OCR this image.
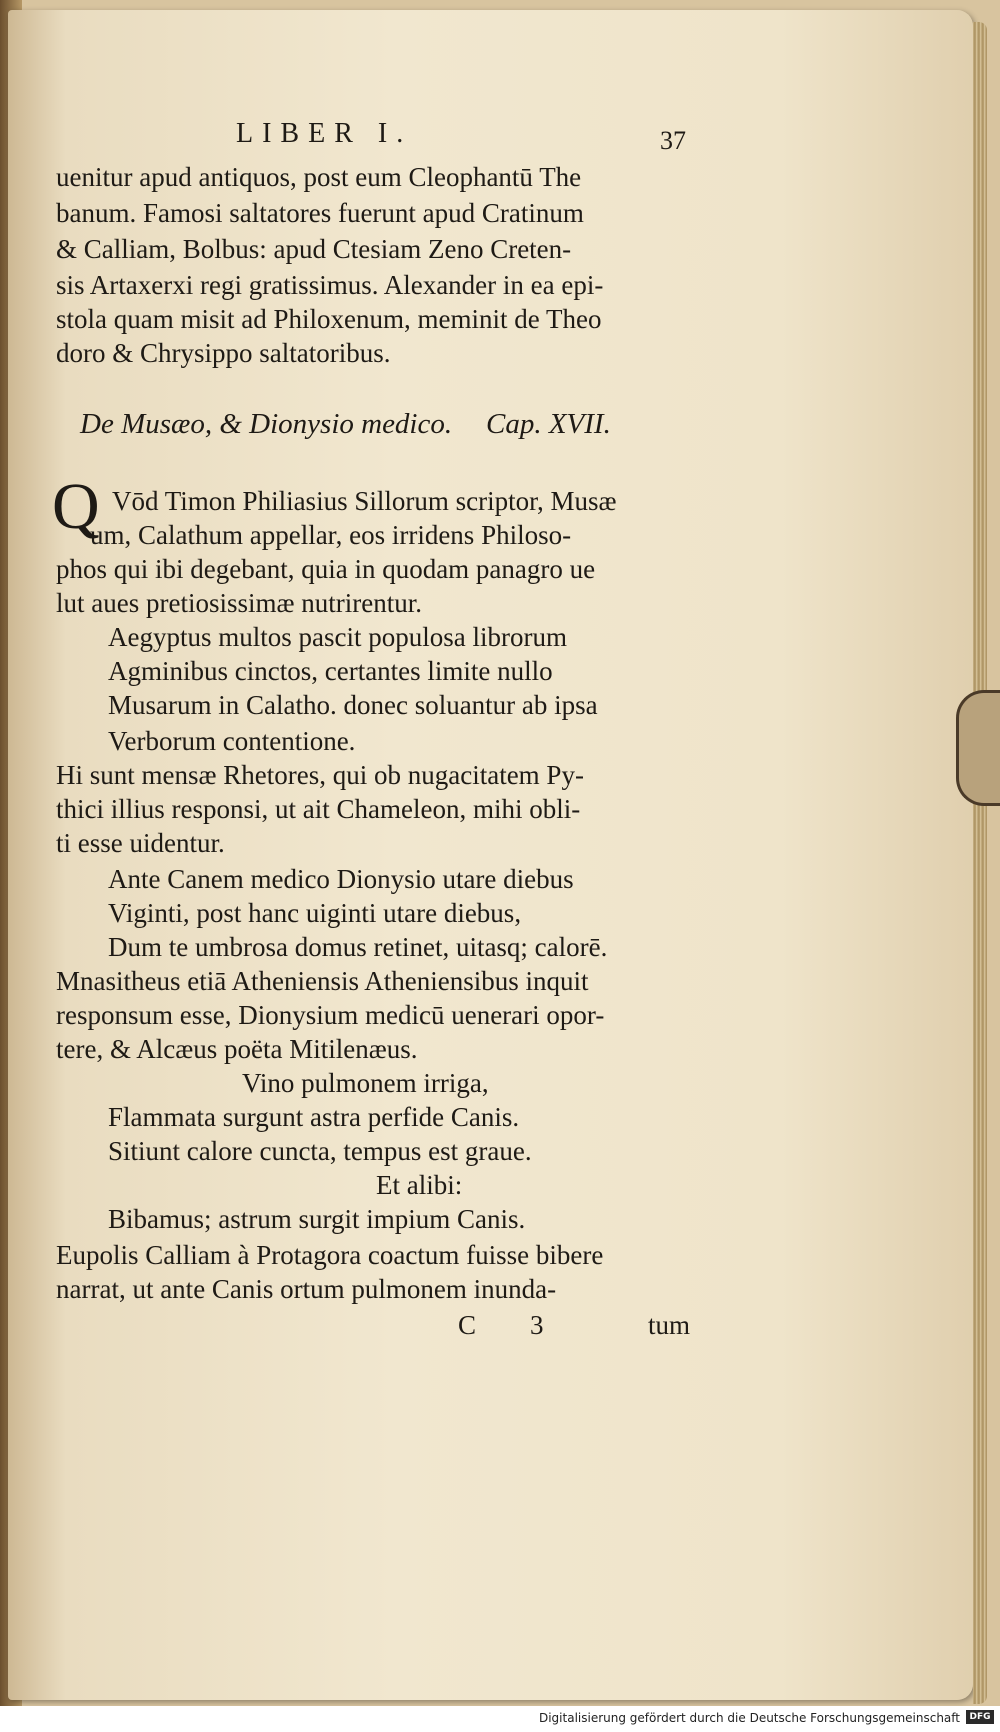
LIBER I.	37
uenitur apud antiquos, post eum Cleophantū The
banum. Famosi saltatores fuerunt apud Cratinum
& Calliam, Bolbus: apud Ctesiam Zeno Creten-
sis Artaxerxi regi gratissimus. Alexander in ea epi-
stola quam misit ad Philoxenum, meminit de Theo
doro & Chrysippo saltatoribus.
Vōd Timon Philiasius Sillorum scriptor, Musæ
um, Calathum appellar, eos irridens Philoso-
phos qui ibi degebant, quia in quodam panagro ue
lut aues pretiosissimæ nutrirentur.
Aegyptus multos pascit populosa librorum
Agminibus cinctos, certantes limite nullo
Musarum in Calatho. donec soluantur ab ipsa
Verborum contentione.
Hi sunt mensæ Rhetores, qui ob nugacitatem Py-
thici illius responsi, ut ait Chameleon, mihi obli-
ti esse uidentur.
Ante Canem medico Dionysio utare diebus
Viginti, post hanc uiginti utare diebus,
Dum te umbrosa domus retinet, uitasq; calorē.
Mnasitheus etiā Atheniensis Atheniensibus inquit
responsum esse, Dionysium medicū uenerari opor-
tere, & Alcæus poëta Mitilenæus.
Vino pulmonem irriga,
Flammata surgunt astra perfide Canis.
Sitiunt calore cuncta, tempus est graue.
Et alibi:
Bibamus; astrum surgit impium Canis.
Eupolis Calliam à Protagora coactum fuisse bibere
narrat, ut ante Canis ortum pulmonem inunda-
De Musæo, & Dionysio medico. Cap. XVII.
Q
C 3	tum
Digitalisierung gefördert durch die Deutsche Forschungsgemeinschaft	DFG
